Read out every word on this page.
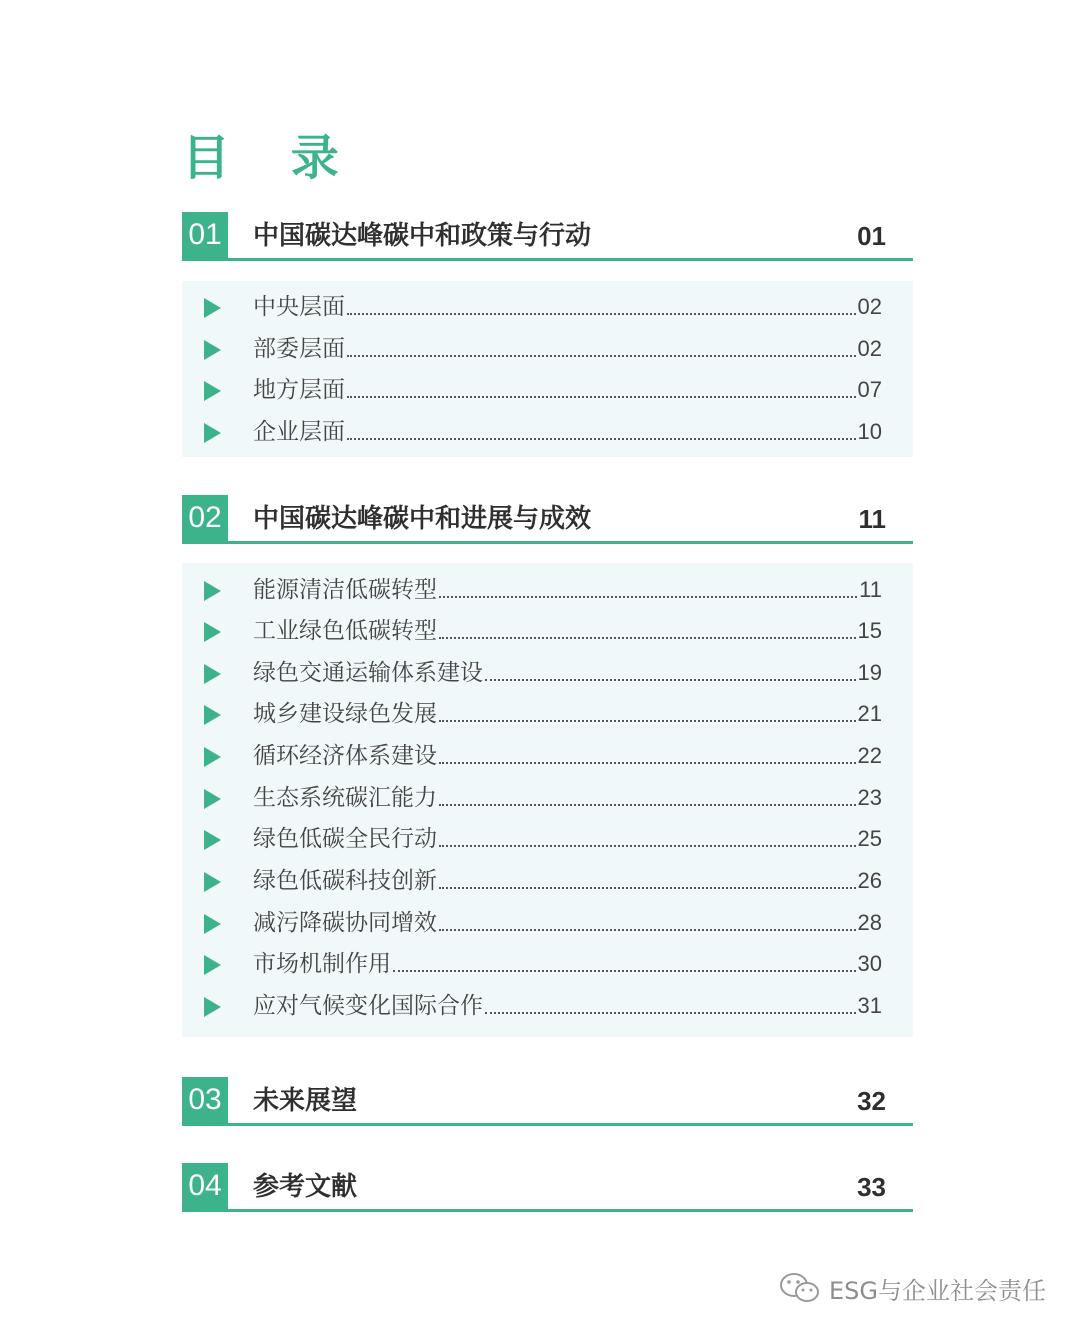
目 录
01 中国碳达峰碳中和政策与行动	01
中央层面	02
部委层面	02
地方层面	07
企业层面	10
02 中国碳达峰碳中和进展与成效	11
能源清洁低碳转型	11
工业绿色低碳转型	15
绿色交通运输体系建设	19
城乡建设绿色发展	21
循环经济体系建设	22
生态系统碳汇能力	23
绿色低碳全民行动	25
绿色低碳科技创新	26
减污降碳协同增效	28
市场机制作用	30
应对气候变化国际合作	31
03 未来展望	32
04 参考文献	33
ESG与企业社会责任
